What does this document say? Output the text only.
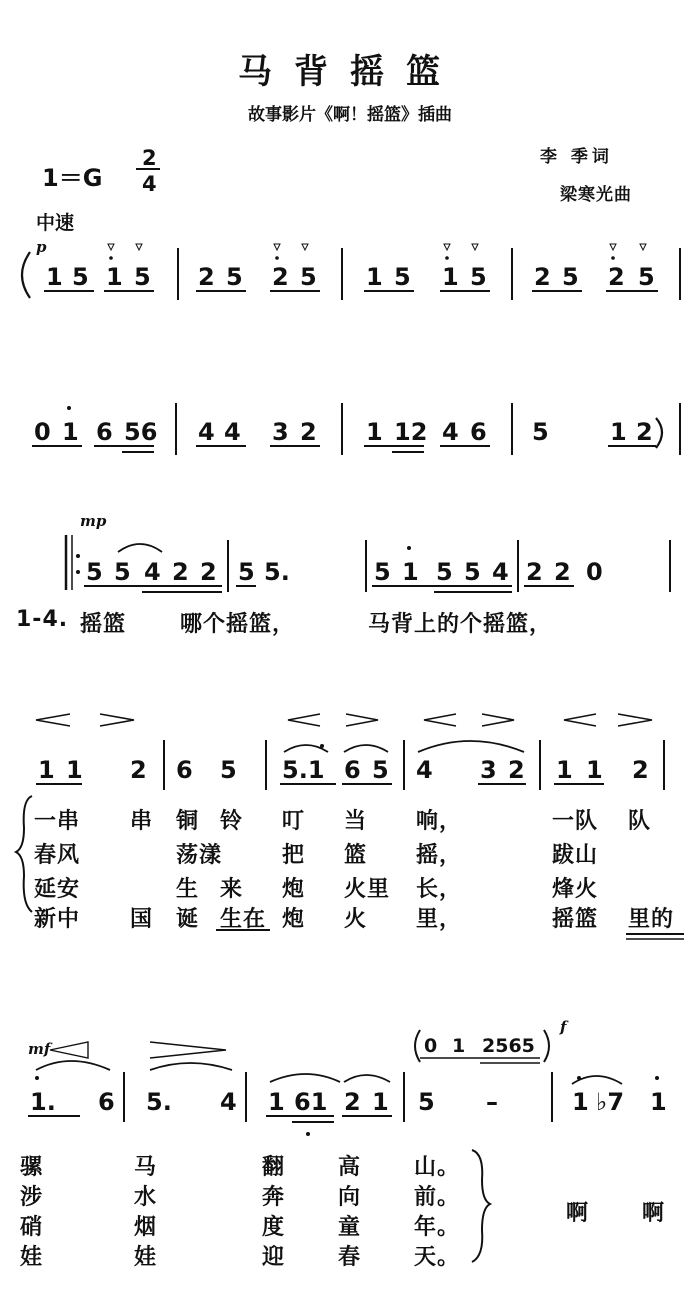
马背摇篮
故事影片《啊！摇篮》插曲
李 季词
梁寒光曲
1＝G
2
4
中速
p
mp
mf
f
1 5 1 5 2 5 2 5 1 5 1 5 2 5 2 5
0 1 6 56 4 4 3 2 1 12 4 6 5	1 2
5 5 4 2 2 5 5.	5 1 5 5 4 2 2 0
1 1 2 6 5 5.1 6 5 4 3 2 1 1 2
1. 6 5. 4 1 61 2 1 5 –	1 ♭7 1
0 1 2565
1-4. 摇篮 哪个摇篮，	马背上的个摇篮，
一串 串 铜 铃 叮 当 响，	一队 队
春风	荡漾	把 篮 摇，	跋山
延安	生 来 炮 火里 长，	烽火
新中 国 诞 生在 炮 火 里，	摇篮 里的
骡	马	翻 高 山。
涉	水	奔 向 前。
硝	烟	度 童 年。
娃	娃	迎 春 天。
啊 啊
